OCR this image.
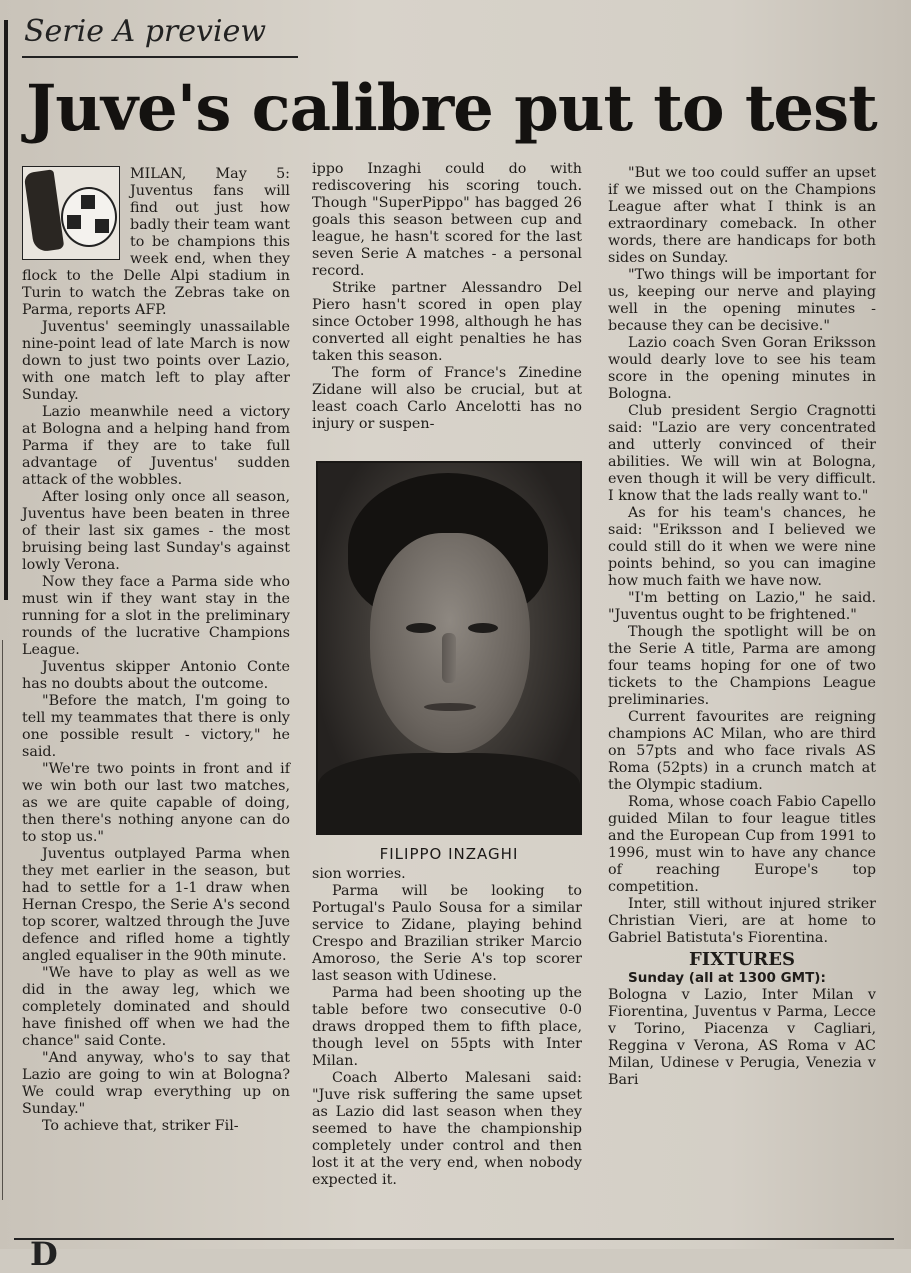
Serie A preview
Juve's calibre put to test

MILAN, May 5: Juventus fans will find out just how badly their team want to be champions this week end, when they flock to the Delle Alpi stadium in Turin to watch the Zebras take on Parma, reports AFP.

Juventus' seemingly unassailable nine-point lead of late March is now down to just two points over Lazio, with one match left to play after Sunday.

Lazio meanwhile need a victory at Bologna and a helping hand from Parma if they are to take full advantage of Juventus' sudden attack of the wobbles.

After losing only once all season, Juventus have been beaten in three of their last six games - the most bruising being last Sunday's against lowly Verona.

Now they face a Parma side who must win if they want stay in the running for a slot in the preliminary rounds of the lucrative Champions League.

Juventus skipper Antonio Conte has no doubts about the outcome.

"Before the match, I'm going to tell my teammates that there is only one possible result - victory," he said.

"We're two points in front and if we win both our last two matches, as we are quite capable of doing, then there's nothing anyone can do to stop us."

Juventus outplayed Parma when they met earlier in the season, but had to settle for a 1-1 draw when Hernan Crespo, the Serie A's second top scorer, waltzed through the Juve defence and rifled home a tightly angled equaliser in the 90th minute.

"We have to play as well as we did in the away leg, which we completely dominated and should have finished off when we had the chance" said Conte.

"And anyway, who's to say that Lazio are going to win at Bologna? We could wrap everything up on Sunday."

To achieve that, striker Fil-

ippo Inzaghi could do with rediscovering his scoring touch. Though "SuperPippo" has bagged 26 goals this season between cup and league, he hasn't scored for the last seven Serie A matches - a personal record.

Strike partner Alessandro Del Piero hasn't scored in open play since October 1998, although he has converted all eight penalties he has taken this season.

The form of France's Zinedine Zidane will also be crucial, but at least coach Carlo Ancelotti has no injury or suspen-

FILIPPO INZAGHI

sion worries.

Parma will be looking to Portugal's Paulo Sousa for a similar service to Zidane, playing behind Crespo and Brazilian striker Marcio Amoroso, the Serie A's top scorer last season with Udinese.

Parma had been shooting up the table before two consecutive 0-0 draws dropped them to fifth place, though level on 55pts with Inter Milan.

Coach Alberto Malesani said: "Juve risk suffering the same upset as Lazio did last season when they seemed to have the championship completely under control and then lost it at the very end, when nobody expected it.

"But we too could suffer an upset if we missed out on the Champions League after what I think is an extraordinary comeback. In other words, there are handicaps for both sides on Sunday.

"Two things will be important for us, keeping our nerve and playing well in the opening minutes - because they can be decisive."

Lazio coach Sven Goran Eriksson would dearly love to see his team score in the opening minutes in Bologna.

Club president Sergio Cragnotti said: "Lazio are very concentrated and utterly convinced of their abilities. We will win at Bologna, even though it will be very difficult. I know that the lads really want to."

As for his team's chances, he said: "Eriksson and I believed we could still do it when we were nine points behind, so you can imagine how much faith we have now.

"I'm betting on Lazio," he said. "Juventus ought to be frightened."

Though the spotlight will be on the Serie A title, Parma are among four teams hoping for one of two tickets to the Champions League preliminaries.

Current favourites are reigning champions AC Milan, who are third on 57pts and who face rivals AS Roma (52pts) in a crunch match at the Olympic stadium.

Roma, whose coach Fabio Capello guided Milan to four league titles and the European Cup from 1991 to 1996, must win to have any chance of reaching Europe's top competition.

Inter, still without injured striker Christian Vieri, are at home to Gabriel Batistuta's Fiorentina.

FIXTURES

Sunday (all at 1300 GMT):

Bologna v Lazio, Inter Milan v Fiorentina, Juventus v Parma, Lecce v Torino, Piacenza v Cagliari, Reggina v Verona, AS Roma v AC Milan, Udinese v Perugia, Venezia v Bari

D
